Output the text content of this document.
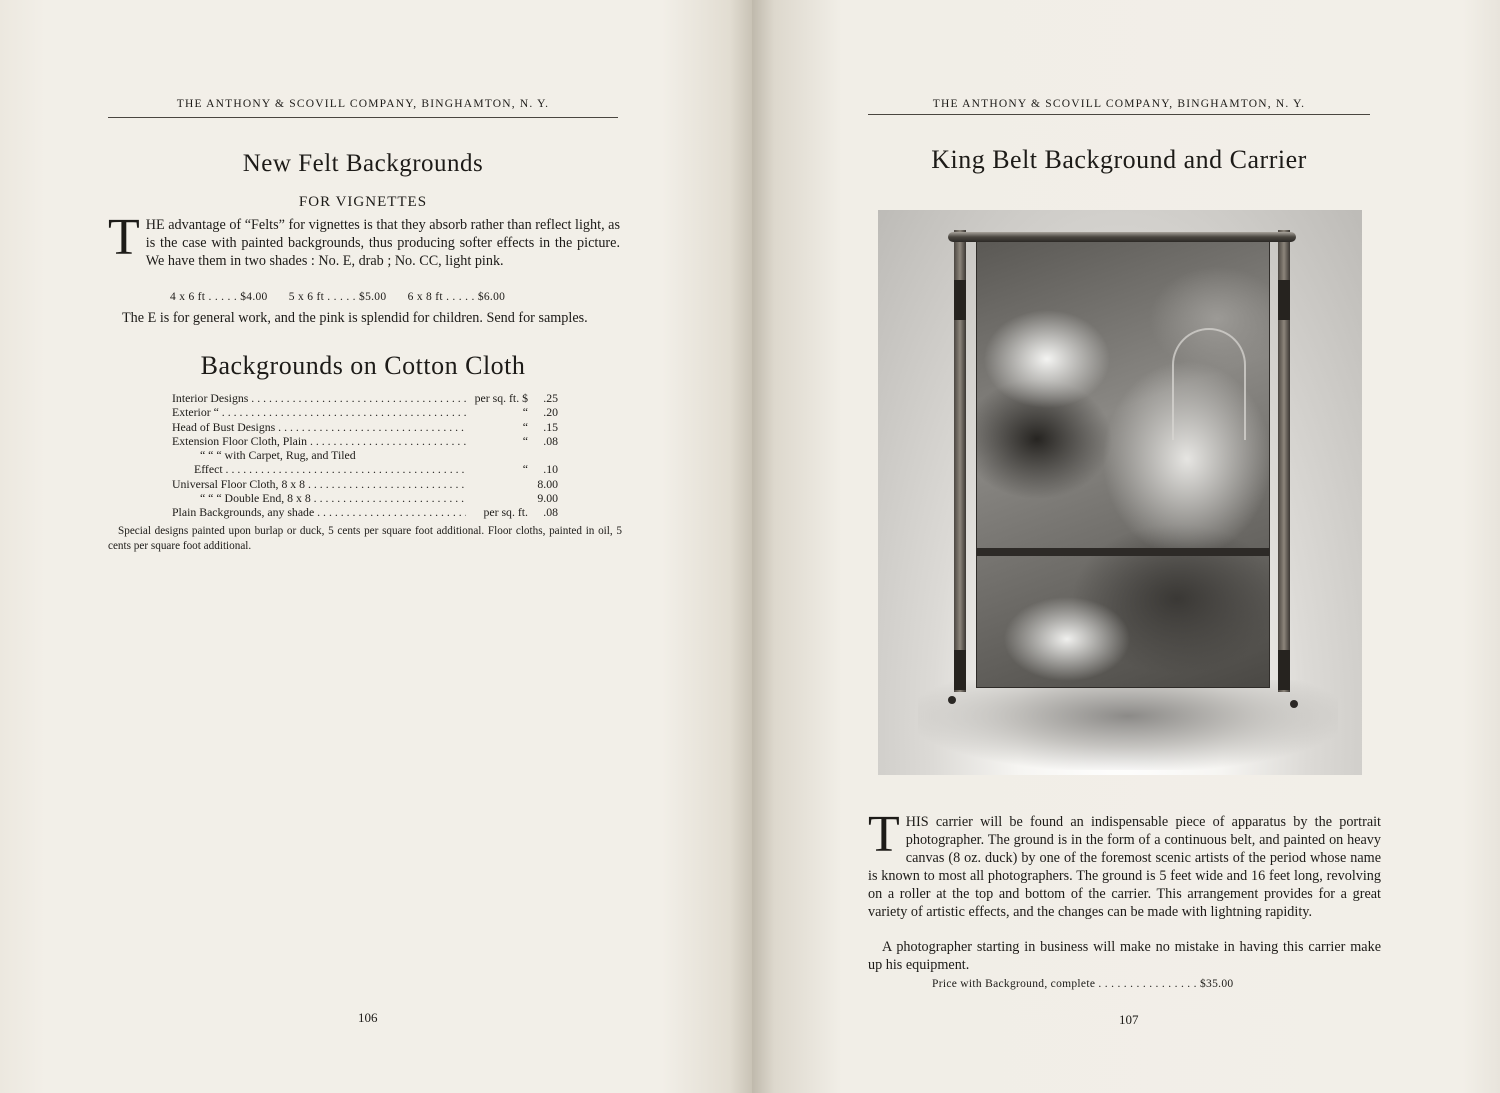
THE ANTHONY & SCOVILL COMPANY, BINGHAMTON, N. Y.
New Felt Backgrounds
FOR VIGNETTES
THE advantage of “Felts” for vignettes is that they absorb rather than reflect light, as is the case with painted backgrounds, thus producing softer effects in the picture. We have them in two shades : No. E, drab ; No. CC, light pink.
4 x 6 ft . . . . . $4.00 5 x 6 ft . . . . . $5.00 6 x 8 ft . . . . . $6.00
The E is for general work, and the pink is splendid for children. Send for samples.
Backgrounds on Cotton Cloth
Interior Designs . . .	per sq. ft. $	.25
Exterior “ . . .	“	.20
Head of Bust Designs . . .	“	.15
Extension Floor Cloth, Plain . . .	“	.08
“ “ “ with Carpet, Rug, and Tiled
Effect . . .	“	.10
Universal Floor Cloth, 8 x 8 . . .	8.00
“ “ “ Double End, 8 x 8 . . .	9.00
Plain Backgrounds, any shade . . .	per sq. ft.	.08
Special designs painted upon burlap or duck, 5 cents per square foot additional. Floor cloths, painted in oil, 5 cents per square foot additional.
106
THE ANTHONY & SCOVILL COMPANY, BINGHAMTON, N. Y.
King Belt Background and Carrier
THIS carrier will be found an indispensable piece of apparatus by the portrait photographer. The ground is in the form of a continuous belt, and painted on heavy canvas (8 oz. duck) by one of the foremost scenic artists of the period whose name is known to most all photographers. The ground is 5 feet wide and 16 feet long, revolving on a roller at the top and bottom of the carrier. This arrangement provides for a great variety of artistic effects, and the changes can be made with lightning rapidity.
A photographer starting in business will make no mistake in having this carrier make up his equipment.
Price with Background, complete . . . . . . . . . . . . . . . . $35.00
107
